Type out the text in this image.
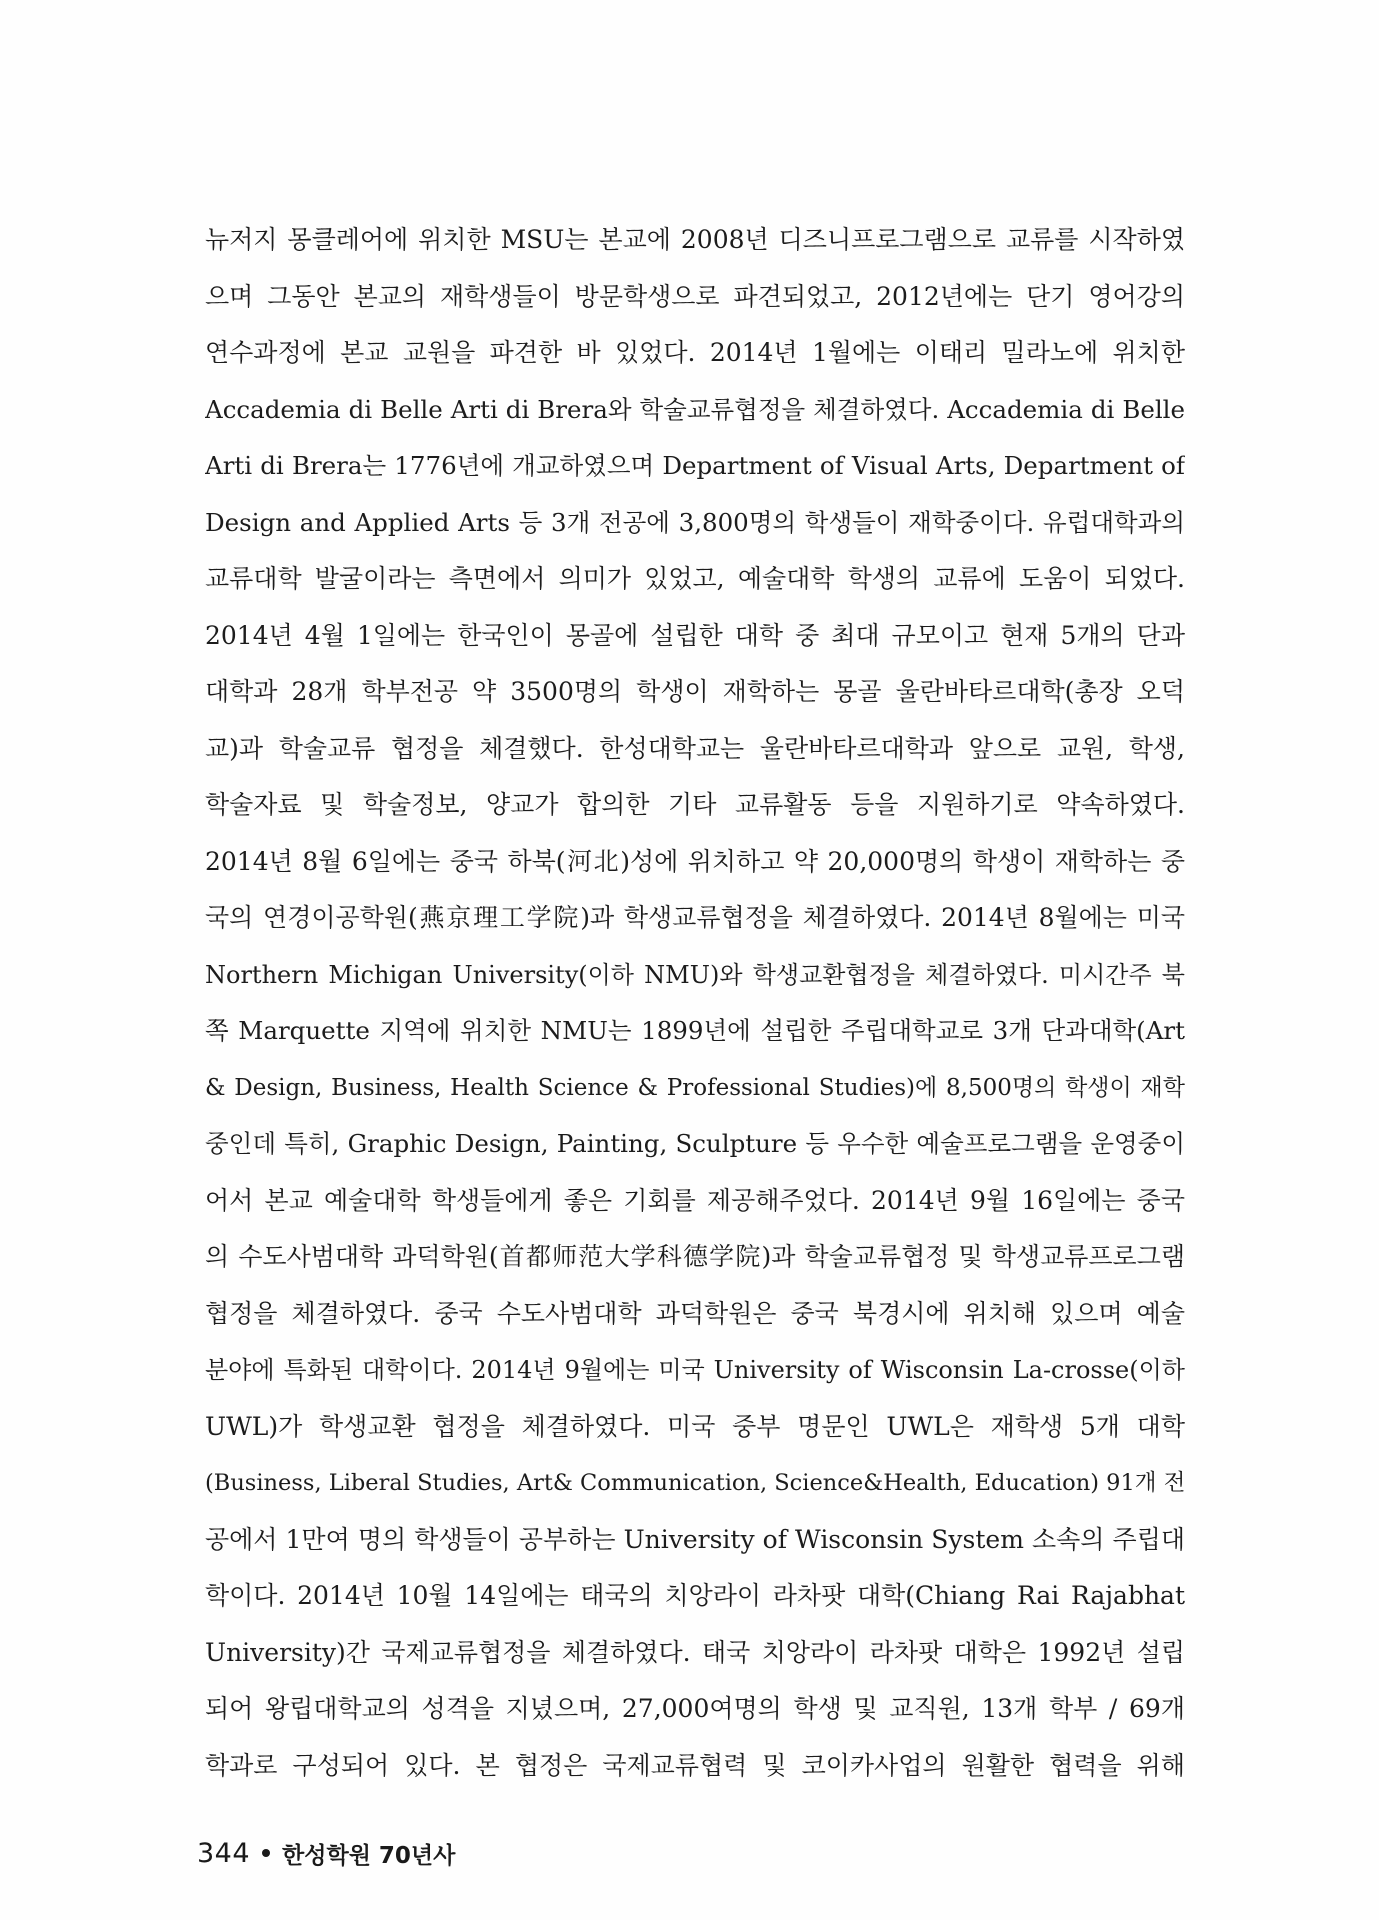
뉴저지 몽클레어에 위치한 MSU는 본교에 2008년 디즈니프로그램으로 교류를 시작하였
으며 그동안 본교의 재학생들이 방문학생으로 파견되었고, 2012년에는 단기 영어강의
연수과정에 본교 교원을 파견한 바 있었다. 2014년 1월에는 이태리 밀라노에 위치한
Accademia di Belle Arti di Brera와 학술교류협정을 체결하였다. Accademia di Belle
Arti di Brera는 1776년에 개교하였으며 Department of Visual Arts, Department of
Design and Applied Arts 등 3개 전공에 3,800명의 학생들이 재학중이다. 유럽대학과의
교류대학 발굴이라는 측면에서 의미가 있었고, 예술대학 학생의 교류에 도움이 되었다.
2014년 4월 1일에는 한국인이 몽골에 설립한 대학 중 최대 규모이고 현재 5개의 단과
대학과 28개 학부전공 약 3500명의 학생이 재학하는 몽골 울란바타르대학(총장 오덕
교)과 학술교류 협정을 체결했다. 한성대학교는 울란바타르대학과 앞으로 교원, 학생,
학술자료 및 학술정보, 양교가 합의한 기타 교류활동 등을 지원하기로 약속하였다.
2014년 8월 6일에는 중국 하북(河北)성에 위치하고 약 20,000명의 학생이 재학하는 중
국의 연경이공학원(燕京理工学院)과 학생교류협정을 체결하였다. 2014년 8월에는 미국
Northern Michigan University(이하 NMU)와 학생교환협정을 체결하였다. 미시간주 북
쪽 Marquette 지역에 위치한 NMU는 1899년에 설립한 주립대학교로 3개 단과대학(Art
& Design, Business, Health Science & Professional Studies)에 8,500명의 학생이 재학
중인데 특히, Graphic Design, Painting, Sculpture 등 우수한 예술프로그램을 운영중이
어서 본교 예술대학 학생들에게 좋은 기회를 제공해주었다. 2014년 9월 16일에는 중국
의 수도사범대학 과덕학원(首都师范大学科德学院)과 학술교류협정 및 학생교류프로그램
협정을 체결하였다. 중국 수도사범대학 과덕학원은 중국 북경시에 위치해 있으며 예술
분야에 특화된 대학이다. 2014년 9월에는 미국 University of Wisconsin La-crosse(이하
UWL)가 학생교환 협정을 체결하였다. 미국 중부 명문인 UWL은 재학생 5개 대학
(Business, Liberal Studies, Art& Communication, Science&Health, Education) 91개 전
공에서 1만여 명의 학생들이 공부하는 University of Wisconsin System 소속의 주립대
학이다. 2014년 10월 14일에는 태국의 치앙라이 라차팟 대학(Chiang Rai Rajabhat
University)간 국제교류협정을 체결하였다. 태국 치앙라이 라차팟 대학은 1992년 설립
되어 왕립대학교의 성격을 지녔으며, 27,000여명의 학생 및 교직원, 13개 학부 / 69개
학과로 구성되어 있다. 본 협정은 국제교류협력 및 코이카사업의 원활한 협력을 위해
344 한성학원 70년사
